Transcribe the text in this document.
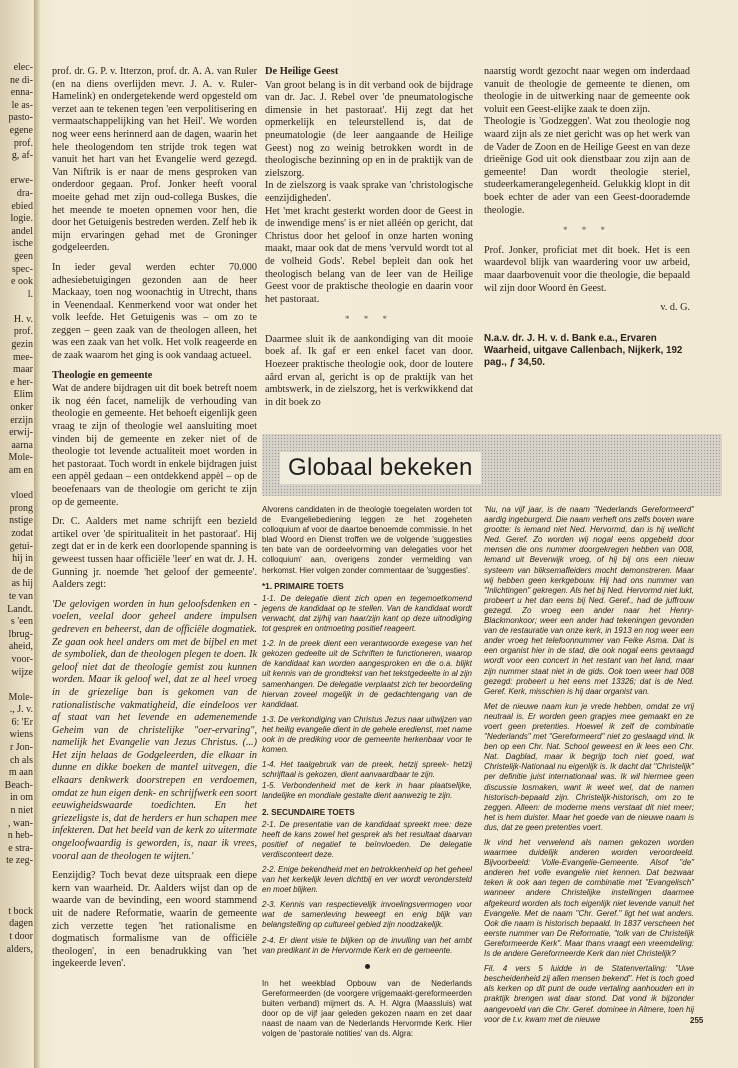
elec-
ne di-
enna-
le as-
pasto-
egene
prof.
g, af-
erwe-
dra-
ebied
logie.
andel
ische
geen
spec-
e ook
l.
H. v.
prof.
gezin
mee-
maar
e her-
Elim
onker
erzijn
erwij-
aarna
Mole-
am en
vloed
prong
nstige
zodat
getui-
hij in
de de
as hij
te van
Landt.
s 'een
lbrug-
aheid,
voor-
wijze
Mole-
., J. v.
6: 'Er
wiens
r Jon-
ch als
m aan
Beach-
in om
n niet
, wan-
n heb-
e stra-
te zeg-
t bock
dagen
t door
alders,

prof. dr. G. P. v. Itterzon, prof. dr. A. A. van Ruler (en na diens overlijden mevr. J. A. v. Ruler-Hamelink) en ondergetekende werd opgesteld om verzet aan te tekenen tegen 'een verpolitisering en vermaatschappelijking van het Heil'. We worden nog weer eens herinnerd aan de dagen, waarin het hele theologendom ten strijde trok tegen wat vanuit het hart van het Evangelie werd gezegd. Van Niftrik is er naar de mens gesproken van onderdoor gegaan. Prof. Jonker heeft vooral moeite gehad met zijn oud-collega Buskes, die het meende te moeten opnemen voor hen, die door het Getuigenis bestreden werden. Zelf heb ik mijn ervaringen gehad met de Groninger godgeleerden.

In ieder geval werden echter 70.000 adhesiebetuigingen gezonden aan de heer Mackaay, toen nog woonachtig in Utrecht, thans in Veenendaal. Kenmerkend voor wat onder het volk leefde. Het Getuigenis was – om zo te zeggen – geen zaak van de theologen alleen, het was een zaak van het volk. Het volk reageerde en de zaak waarom het ging is ook vandaag actueel.

Theologie en gemeente

Wat de andere bijdragen uit dit boek betreft noem ik nog één facet, namelijk de verhouding van theologie en gemeente. Het behoeft eigenlijk geen vraag te zijn of theologie wel aansluiting moet vinden bij de gemeente en zeker niet of de theologie tot levende actualiteit moet worden in het pastoraat. Toch wordt in enkele bijdragen juist een appèl gedaan – een ontdekkend appèl – op de beoefenaars van de theologie om gericht te zijn op de gemeente.

Dr. C. Aalders met name schrijft een bezield artikel over 'de spiritualiteit in het pastoraat'. Hij zegt dat er in de kerk een doorlopende spanning is geweest tussen haar officiële 'leer' en wat dr. J. H. Gunning jr. noemde 'het geloof der gemeente'. Aalders zegt:

'De gelovigen worden in hun geloofsdenken en -voelen, veelal door geheel andere impulsen gedreven en beheerst, dan de officiële dogmatiek. Ze gaan ook heel anders om met de bijbel en met de symboliek, dan de theologen plegen te doen. Ik geloof niet dat de theologie gemist zou kunnen worden. Maar ik geloof wel, dat ze al heel vroeg in de griezelige ban is gekomen van de rationalistische vakmatigheid, die eindeloos ver af staat van het levende en ademenemende Geheim van de christelijke "oer-ervaring", namelijk het Evangelie van Jezus Christus. (...) Het zijn helaas de Godgeleerden, die elkaar in dunne en dikke boeken de mantel uitvegen, die elkaars denkwerk doorstrepen en verdoemen, omdat ze hun eigen denk- en schrijfwerk een soort eeuwigheidswaarde toedichten. En het griezeligste is, dat de herders er hun schapen mee infekteren. Dat het beeld van de kerk zo uitermate ongeloofwaardig is geworden, is, naar ik vrees, vooral aan de theologen te wijten.'

Eenzijdig? Toch bevat deze uitspraak een diepe kern van waarheid. Dr. Aalders wijst dan op de waarde van de bevinding, een woord stammend uit de nadere Reformatie, waarin de gemeente zich verzette tegen 'het rationalisme en dogmatisch formalisme van de officiële theologen', in een benadrukking van 'het ingekeerde leven'.

De Heilige Geest

Van groot belang is in dit verband ook de bijdrage van dr. Jac. J. Rebel over 'de pneumatologische dimensie in het pastoraat'. Hij zegt dat het opmerkelijk en teleurstellend is, dat de pneumatologie (de leer aangaande de Heilige Geest) nog zo weinig betrokken wordt in de theologische bezinning op en in de praktijk van de zielszorg.

In de zielszorg is vaak sprake van 'christologische eenzijdigheden'.

Het 'met kracht gesterkt worden door de Geest in de inwendige mens' is er niet alléén op gericht, dat Christus door het geloof in onze harten woning maakt, maar ook dat de mens 'vervuld wordt tot al de volheid Gods'. Rebel bepleit dan ook het theologisch belang van de leer van de Heilige Geest voor de praktische theologie en daarin voor het pastoraat.

* * *

Daarmee sluit ik de aankondiging van dit mooie boek af. Ik gaf er een enkel facet van door. Hoezeer praktische theologie ook, door de loutere aârd ervan al, gericht is op de praktijk van het ambtswerk, in de zielszorg, het is verkwikkend dat in dit boek zo

naarstig wordt gezocht naar wegen om inderdaad vanuit de theologie de gemeente te dienen, om theologie in de uitwerking naar de gemeente ook voluit een Geest-elijke zaak te doen zijn.

Theologie is 'Godzeggen'. Wat zou theologie nog waard zijn als ze niet gericht was op het werk van de Vader de Zoon en de Heilige Geest en van deze drieënige God uit ook dienstbaar zou zijn aan de gemeente! Dan wordt theologie steriel, studeerkamerangelegenheid. Gelukkig klopt in dit boek echter de ader van een Geest-doorademde theologie.

* * *

Prof. Jonker, proficiat met dit boek. Het is een waardevol blijk van waardering voor uw arbeid, maar daarbovenuit voor die theologie, die bepaald wil zijn door Woord èn Geest.

v. d. G.
N.a.v. dr. J. H. v. d. Bank e.a., Ervaren Waarheid, uitgave Callenbach, Nijkerk, 192 pag., ƒ 34,50.
Globaal bekeken

Alvorens candidaten in de theologie toegelaten worden tot de Evangeliebediening leggen ze het zogeheten colloquium af voor de daartoe benoemde commissie. In het blad Woord en Dienst troffen we de volgende 'suggesties ten bate van de oordeelvorming van delegaties voor het colloquium' aan, overigens zonder vermelding van herkomst. Hier volgen zonder commentaar de 'suggesties'.

*1. PRIMAIRE TOETS

1-1. De delegatie dient zich open en tegemoetkomend jegens de kandidaat op te stellen. Van de kandidaat wordt verwacht, dat zij/hij van haar/zijn kant op deze uitnodiging tot gesprek en ontmoeting positief reageert.

1-2. In de preek dient een verantwoorde exegese van het gekozen gedeelte uit de Schriften te functioneren, waarop de kandidaat kan worden aangesproken en die o.a. blijkt uit kennis van de grondtekst van het tekstgedeelte in al zijn samenhangen. De delegatie verplaatst zich ter beoordeling hiervan zoveel mogelijk in de gedachtengang van de kandidaat.

1-3. De verkondiging van Christus Jezus naar uitwijzen van het heilig evangelie dient in de gehele eredienst, met name ook in de prediking voor de gemeente herkenbaar voor te komen.

1-4. Het taalgebruik van de preek, hetzij spreek- hetzij schrijftaal is gekozen, dient aanvaardbaar te zijn.

1-5. Verbondenheid met de kerk in haar plaatselijke, landelijke en mondiale gestalte dient aanwezig te zijn.

2. SECUNDAIRE TOETS

2-1. De presentatie van de kandidaat spreekt mee: deze heeft de kans zowel het gesprek als het resultaat daarvan positief of negatief te beïnvloeden. De delegatie verdisconteert deze.

2-2. Enige bekendheid met en betrokkenheid op het geheel van het kerkelijk leven dichtbij en ver wordt verondersteld en moet blijken.

2-3. Kennis van respectievelijk invoelingsvermogen voor wat de samenleving beweegt en enig blijk van belangstelling op cultureel gebied zijn noodzakelijk.

2-4. Er dient visie te blijken op de invulling van het ambt van predikant in de Hervormde Kerk en de gemeente.

In het weekblad Opbouw van de Nederlands Gereformeerden (de voorgere vrijgemaakt-gereformeerden buiten verband) mijmert ds. A. H. Algra (Maassluis) wat door op de vijf jaar geleden gekozen naam en zet daar naast de naam van de Nederlands Hervormde Kerk. Hier volgen de 'pastorale notities' van ds. Algra:

'Nu, na vijf jaar, is de naam "Nederlands Gereformeerd" aardig ingeburgerd. Die naam verheft ons zelfs boven ware grootte: Is iemand niet Ned. Hervormd, dan is hij wellicht Ned. Geref. Zo worden wij nogal eens opgebeld door mensen die ons nummer doorgekregen hebben van 008, lemand uit Beverwijk vroeg, of hij bij ons een nieuw systeem van bliksemafleiders mocht demonstreren. Maar wij hebben geen kerkgebouw. Hij had ons nummer van "Inlichtingen" gekregen. Als het bij Ned. Hervormd niet lukt, probeert u het dan eens bij Ned. Geref., had de juffrouw gezegd. Zo vroeg een ander naar het Henry-Blackmonkoor; weer een ander had tekeningen gevonden van de restauratie van onze kerk, in 1913 en nog weer een ander vroeg het telefoonnummer van Feike Asma. Dat is een organist hier in de stad, die ook nogal eens gevraagd wordt voor een concert in het restant van het land, maar zijn nummer staat niet in de gids. Ook toen weer had 008 gezegd: probeert u het eens met 13326; dat is de Ned. Geref. Kerk, misschien is hij daar organist van.

Met de nieuwe naam kun je vrede hebben, omdat ze vrij neutraal is. Er worden geen grapjes mee gemaakt en ze voert geen pretenties. Hoewel ik zelf de combinatie "Nederlands" met "Gereformeerd" niet zo geslaagd vind. Ik ben op een Chr. Nat. School geweest en ik lees een Chr. Nat. Dagblad, maar ik begrijp toch niet goed, wat Christelijk-Nationaal nu eigenlijk is. Ik dacht dat "Christelijk" per definitie juist internationaal was. Ik wil hiermee geen discussie losmaken, want ik weet wel, dat de namen historisch-bepaald zijn. Christelijk-historisch, om zo te zeggen. Alleen: de moderne mens verstaat dit niet meer; het is hem duister. Maar het goede van de nieuwe naam is dus, dat ze geen pretenties voert.

Ik vind het verwelend als namen gekozen worden waarmee duidelijk anderen worden veroordeeld. Bijvoorbeeld: Volle-Evangelie-Gemeente. Alsof "de" anderen het volle evangelie niet kennen. Dat bezwaar teken ik ook aan tegen de combinatie met "Evangelisch" wanneer andere Christelijke instellingen daarmee afgekeurd worden als toch eigenlijk niet levende vanuit het Evangelie. Met de naam "Chr. Geref." ligt het wat anders. Ook die naam is historisch bepaald. In 1837 verscheen het eerste nummer van De Reformatie, "tolk van de Christelijk Gereformeerde Kerk". Maar thans vraagt een vreemdeling: Is de andere Gereformeerde Kerk dan niet Christelijk?

Fil. 4 vers 5 luidde in de Statenvertaling: "Uwe bescheidenheid zij allen mensen bekend". Het is toch goed als kerken op dit punt de oude vertaling aanhouden en in praktijk brengen wat daar stond. Dat vond ik bijzonder aangevoeld van die Chr. Geref. domineе in Almere, toen hij voor de t.v. kwam met de nieuwe	255
